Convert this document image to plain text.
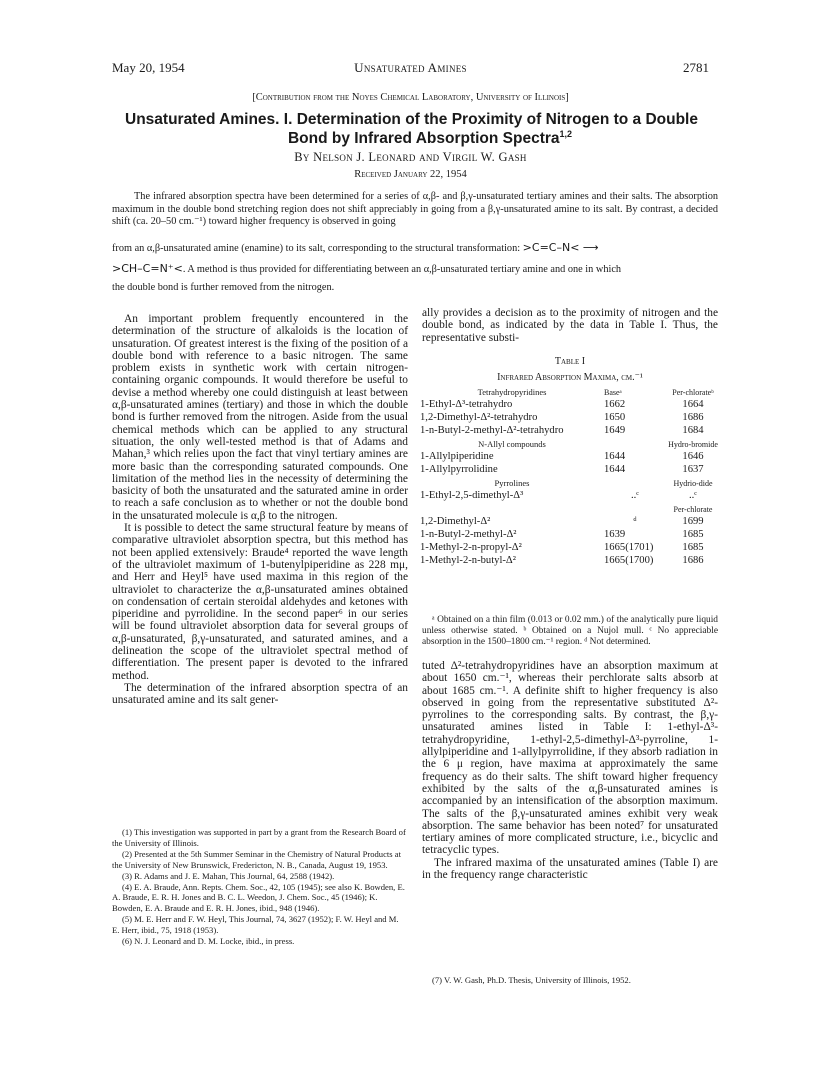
May 20, 1954	Unsaturated Amines	2781
[Contribution from the Noyes Chemical Laboratory, University of Illinois]
Unsaturated Amines. I. Determination of the Proximity of Nitrogen to a Double
Bond by Infrared Absorption Spectra$^{1,2}$
By Nelson J. Leonard and Virgil W. Gash
Received January 22, 1954
The infrared absorption spectra have been determined for a series of α,β- and β,γ-unsaturated tertiary amines and their salts. The absorption maximum in the double bond stretching region does not shift appreciably in going from a β,γ-unsaturated amine to its salt. By contrast, a decided shift (ca. 20–50 cm.⁻¹) toward higher frequency is observed in going
from an α,β-unsaturated amine (enamine) to its salt, corresponding to the structural transformation: >C=C–N< ⟶
>CH–C=N⁺<. A method is thus provided for differentiating between an α,β-unsaturated tertiary amine and one in which
the double bond is further removed from the nitrogen.

An important problem frequently encountered in the determination of the structure of alkaloids is the location of unsaturation. Of greatest interest is the fixing of the position of a double bond with reference to a basic nitrogen. The same problem exists in synthetic work with certain nitrogen-containing organic compounds. It would therefore be useful to devise a method whereby one could distinguish at least between α,β-unsaturated amines (tertiary) and those in which the double bond is further removed from the nitrogen. Aside from the usual chemical methods which can be applied to any structural situation, the only well-tested method is that of Adams and Mahan,³ which relies upon the fact that vinyl tertiary amines are more basic than the corresponding saturated compounds. One limitation of the method lies in the necessity of determining the basicity of both the unsaturated and the saturated amine in order to reach a safe conclusion as to whether or not the double bond in the unsaturated molecule is α,β to the nitrogen.

It is possible to detect the same structural feature by means of comparative ultraviolet absorption spectra, but this method has not been applied extensively: Braude⁴ reported the wave length of the ultraviolet maximum of 1-butenylpiperidine as 228 mμ, and Herr and Heyl⁵ have used maxima in this region of the ultraviolet to characterize the α,β-unsaturated amines obtained on condensation of certain steroidal aldehydes and ketones with piperidine and pyrrolidine. In the second paper⁶ in our series will be found ultraviolet absorption data for several groups of α,β-unsaturated, β,γ-unsaturated, and saturated amines, and a delineation the scope of the ultraviolet spectral method of differentiation. The present paper is devoted to the infrared method.

The determination of the infrared absorption spectra of an unsaturated amine and its salt gener-

ally provides a decision as to the proximity of nitrogen and the double bond, as indicated by the data in Table I. Thus, the representative substi-

Table I
Infrared Absorption Maxima, cm.⁻¹
Tetrahydropyridines	Baseᵃ	Per-chlorateᵇ
1-Ethyl-Δ³-tetrahydro	1662	1664
1,2-Dimethyl-Δ²-tetrahydro	1650	1686
1-n-Butyl-2-methyl-Δ²-tetrahydro	1649	1684
N-Allyl compounds		Hydro-bromide
1-Allylpiperidine	1644	1646
1-Allylpyrrolidine	1644	1637
Pyrrolines		Hydrio-dide
1-Ethyl-2,5-dimethyl-Δ³	..ᶜ	..ᶜ
		Per-chlorate
1,2-Dimethyl-Δ²	ᵈ	1699
1-n-Butyl-2-methyl-Δ²	1639	1685
1-Methyl-2-n-propyl-Δ²	1665(1701)	1685
1-Methyl-2-n-butyl-Δ²	1665(1700)	1686
ᵃ Obtained on a thin film (0.013 or 0.02 mm.) of the analytically pure liquid unless otherwise stated. ᵇ Obtained on a Nujol mull. ᶜ No appreciable absorption in the 1500–1800 cm.⁻¹ region. ᵈ Not determined.

tuted Δ²-tetrahydropyridines have an absorption maximum at about 1650 cm.⁻¹, whereas their perchlorate salts absorb at about 1685 cm.⁻¹. A definite shift to higher frequency is also observed in going from the representative substituted Δ²-pyrrolines to the corresponding salts. By contrast, the β,γ-unsaturated amines listed in Table I: 1-ethyl-Δ³-tetrahydropyridine, 1-ethyl-2,5-dimethyl-Δ³-pyrroline, 1-allylpiperidine and 1-allylpyrrolidine, if they absorb radiation in the 6 μ region, have maxima at approximately the same frequency as do their salts. The shift toward higher frequency exhibited by the salts of the α,β-unsaturated amines is accompanied by an intensification of the absorption maximum. The salts of the β,γ-unsaturated amines exhibit very weak absorption. The same behavior has been noted⁷ for unsaturated tertiary amines of more complicated structure, i.e., bicyclic and tetracyclic types.

The infrared maxima of the unsaturated amines (Table I) are in the frequency range characteristic

(1) This investigation was supported in part by a grant from the Research Board of the University of Illinois.
(2) Presented at the 5th Summer Seminar in the Chemistry of Natural Products at the University of New Brunswick, Fredericton, N. B., Canada, August 19, 1953.
(3) R. Adams and J. E. Mahan, This Journal, 64, 2588 (1942).
(4) E. A. Braude, Ann. Repts. Chem. Soc., 42, 105 (1945); see also K. Bowden, E. A. Braude, E. R. H. Jones and B. C. L. Weedon, J. Chem. Soc., 45 (1946); K. Bowden, E. A. Braude and E. R. H. Jones, ibid., 948 (1946).
(5) M. E. Herr and F. W. Heyl, This Journal, 74, 3627 (1952); F. W. Heyl and M. E. Herr, ibid., 75, 1918 (1953).
(6) N. J. Leonard and D. M. Locke, ibid., in press.
(7) V. W. Gash, Ph.D. Thesis, University of Illinois, 1952.
